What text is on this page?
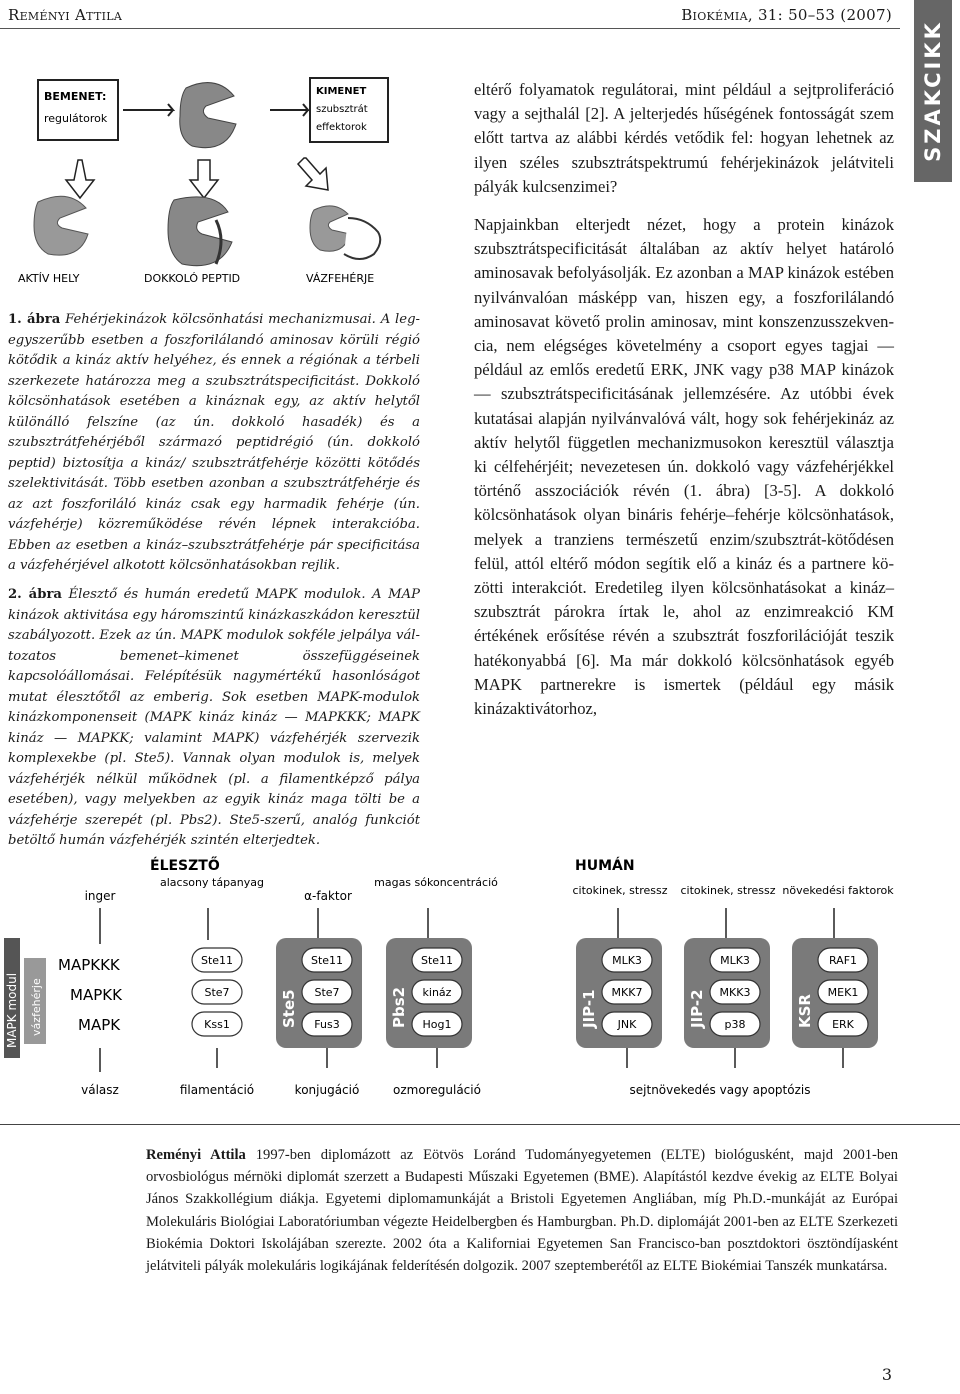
Reményi Attila	Biokémia, 31: 50–53 (2007)
SZAKCIKK
BEMENET:
regulátorok
KIMENET
szubsztrát
effektorok
AKTÍV HELY	DOKKOLÓ PEPTID	VÁZFEHÉRJE
1. ábra Fehérjekinázok kölcsönhatási mechanizmusai. A legegyszerűbb esetben a foszforilálandó aminosav körüli régió kötődik a kináz aktív helyéhez, és ennek a régiónak a térbeli szerkezete határozza meg a szubsztrátspecificitást. Dokkoló kölcsönhatások esetében a kináznak egy, az aktív helytől különálló felszíne (az ún. dokkoló hasadék) és a szubsztrátfehérjéből származó peptidrégió (ún. dokkoló peptid) biztosítja a kináz/ szubsztrátfehérje közötti kötődés szelektivitását. Több esetben azonban a szubsztrátfehérje és az azt foszforiláló kináz csak egy harmadik fehérje (ún. vázfehérje) közreműködése révén lépnek interakcióba. Ebben az esetben a kináz–szubsztrátfehérje pár specificitása a vázfehérjével alkotott kölcsönhatásokban rejlik.
2. ábra Élesztő és humán eredetű MAPK modulok. A MAP kinázok aktivitása egy háromszintű kinázkaszkádon keresztül szabályozott. Ezek az ún. MAPK modulok sokféle jelpálya változatos bemenet–kimenet összefüggéseinek kapcsolóállomásai. Felépítésük nagymértékű hasonlóságot mutat élesztőtől az emberig. Sok esetben MAPK-modulok kinázkomponenseit (MAPK kináz kináz — MAPKKK; MAPK kináz — MAPKK; valamint MAPK) vázfehérjék szervezik komplexekbe (pl. Ste5). Vannak olyan modulok is, melyek vázfehérjék nélkül működnek (pl. a filamentképző pálya esetében), vagy melyekben az egyik kináz maga tölti be a vázfehérje szerepét (pl. Pbs2). Ste5-szerű, analóg funkciót betöltő humán vázfehérjék szintén elterjedtek.

eltérő folyamatok regulátorai, mint például a sejtproliferáció vagy a sejthalál [2]. A jelterjedés hűségének fontosságát szem előtt tartva az alábbi kérdés vetődik fel: hogyan lehetnek az ilyen széles szubsztrátspektrumú fehérjekinázok jelátviteli pályák kulcsenzimei?

Napjainkban elterjedt nézet, hogy a protein kinázok szubsztrátspecificitását általában az aktív helyet határoló aminosavak befolyásolják. Ez azonban a MAP kinázok estében nyilvánvalóan másképp van, hiszen egy, a foszforilálandó aminosavat követő prolin aminosav, mint konszenzusszekvencia, nem elégséges követelmény a csoport egyes tagjai — például az emlős eredetű ERK, JNK vagy p38 MAP kinázok — szubsztrátspecificitásának jellemzésére. Az utóbbi évek kutatásai alapján nyilvánvalóvá vált, hogy sok fehérjekináz az aktív helytől független mechanizmusokon keresztül választja ki célfehérjéit; nevezetesen ún. dokkoló vagy vázfehérjékkel történő asszociációk révén (1. ábra) [3-5]. A dokkoló kölcsönhatások olyan bináris fehérje–fehérje kölcsönhatások, melyek a tranziens természetű enzim/szubsztrát-kötődésen felül, attól eltérő módon segítik elő a kináz és a partnere közötti interakciót. Eredetileg ilyen kölcsönhatásokat a kináz–szubsztrát párokra írtak le, ahol az enzimreakció KM értékének erősítése révén a szubsztrát foszforilációját teszik hatékonyabbá [6]. Ma már dokkoló kölcsönhatások egyéb MAPK partnerekre is ismertek (például egy másik kinázaktivátorhoz,

ÉLESZTŐ	HUMÁN
inger
alacsony tápanyag
α-faktor
magas sókoncentráció
citokinek, stressz citokinek, stressz növekedési faktorok
MAPK modul vázfehérje
MAPKKK
MAPKK
MAPK
válasz
Ste11
Ste7
Kss1
filamentáció
Ste5
Ste11
Ste7
Fus3
konjugáció
Pbs2
Ste11
kináz
Hog1
ozmoreguláció
JIP-1
MLK3
MKK7
JNK	JIP-2
MLK3
MKK3
p38	KSR
RAF1
MEK1
ERK
sejtnövekedés vagy apoptózis
Reményi Attila 1997-ben diplomázott az Eötvös Loránd Tudományegyetemen (ELTE) biológusként, majd 2001-ben orvosbiológus mérnöki diplomát szerzett a Budapesti Műszaki Egyetemen (BME). Alapítástól kezdve évekig az ELTE Bolyai János Szakkollégium diákja. Egyetemi diplomamunkáját a Bristoli Egyetemen Angliában, míg Ph.D.-munkáját az Európai Molekuláris Biológiai Laboratóriumban végezte Heidelbergben és Hamburgban. Ph.D. diplomáját 2001-ben az ELTE Szerkezeti Biokémia Doktori Iskolájában szerezte. 2002 óta a Kaliforniai Egyetemen San Francisco-ban posztdoktori ösztöndíjasként jelátviteli pályák molekuláris logikájának felderítésén dolgozik. 2007 szeptemberétől az ELTE Biokémiai Tanszék munkatársa.
3
